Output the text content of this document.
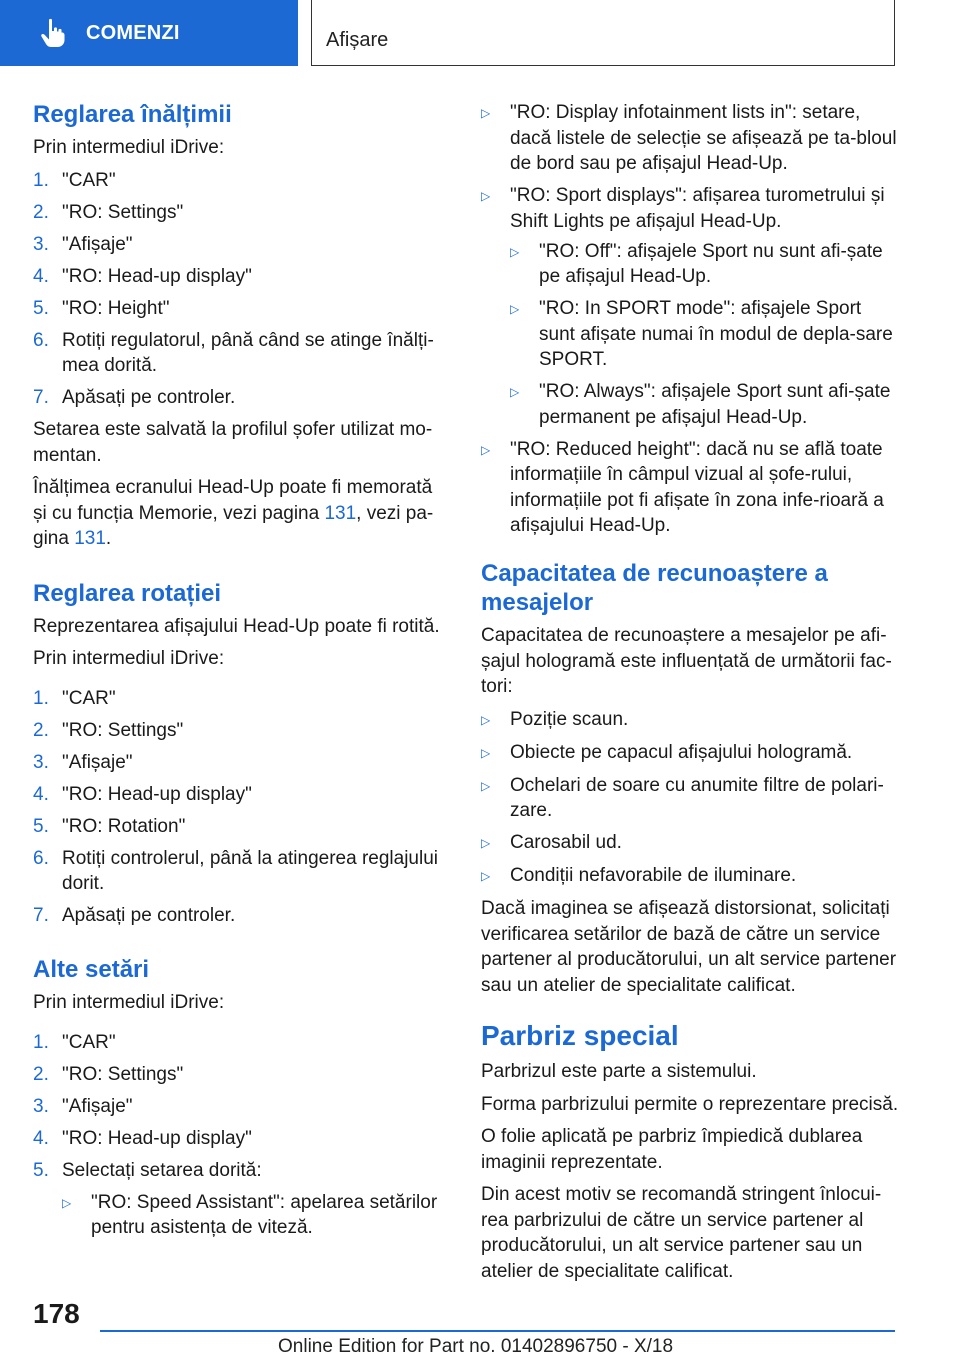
COMENZI	Afișare
Reglarea înălțimii

Prin intermediul iDrive:

1. "CAR"
2. "RO: Settings"
3. "Afișaje"
4. "RO: Head-up display"
5. "RO: Height"
6. Rotiți regulatorul, până când se atinge înălți-mea dorită.
7. Apăsați pe controler.

Setarea este salvată la profilul șofer utilizat mo-mentan.

Înălțimea ecranului Head-Up poate fi memorată și cu funcția Memorie, vezi pagina 131, vezi pa-gina 131.

Reglarea rotației

Reprezentarea afișajului Head-Up poate fi rotită.

Prin intermediul iDrive:

1. "CAR"
2. "RO: Settings"
3. "Afișaje"
4. "RO: Head-up display"
5. "RO: Rotation"
6. Rotiți controlerul, până la atingerea reglajului dorit.
7. Apăsați pe controler.
Alte setări

Prin intermediul iDrive:

1. "CAR"
2. "RO: Settings"
3. "Afișaje"
4. "RO: Head-up display"
5. Selectați setarea dorită:
▷	"RO: Speed Assistant": apelarea setărilor pentru asistența de viteză.
▷	"RO: Display infotainment lists in": setare, dacă listele de selecție se afișează pe ta-bloul de bord sau pe afișajul Head-Up.
▷	"RO: Sport displays": afișarea turometrului și Shift Lights pe afișajul Head-Up.
▷	"RO: Off": afișajele Sport nu sunt afi-șate pe afișajul Head-Up.
▷	"RO: In SPORT mode": afișajele Sport sunt afișate numai în modul de depla-sare SPORT.
▷	"RO: Always": afișajele Sport sunt afi-șate permanent pe afișajul Head-Up.
▷	"RO: Reduced height": dacă nu se află toate informațiile în câmpul vizual al șofe-rului, informațiile pot fi afișate în zona infe-rioară a afișajului Head-Up.
Capacitatea de recunoaștere a mesajelor

Capacitatea de recunoaștere a mesajelor pe afi-șajul hologramă este influențată de următorii fac-tori:

▷	Poziție scaun.
▷	Obiecte pe capacul afișajului hologramă.
▷	Ochelari de soare cu anumite filtre de polari-zare.
▷	Carosabil ud.
▷	Condiții nefavorabile de iluminare.

Dacă imaginea se afișează distorsionat, solicitați verificarea setărilor de bază de către un service partener al producătorului, un alt service partener sau un atelier de specialitate calificat.

Parbriz special

Parbrizul este parte a sistemului.

Forma parbrizului permite o reprezentare precisă.

O folie aplicată pe parbriz împiedică dublarea imaginii reprezentate.

Din acest motiv se recomandă stringent înlocui-rea parbrizului de către un service partener al producătorului, un alt service partener sau un atelier de specialitate calificat.

178
Online Edition for Part no. 01402896750 - X/18
